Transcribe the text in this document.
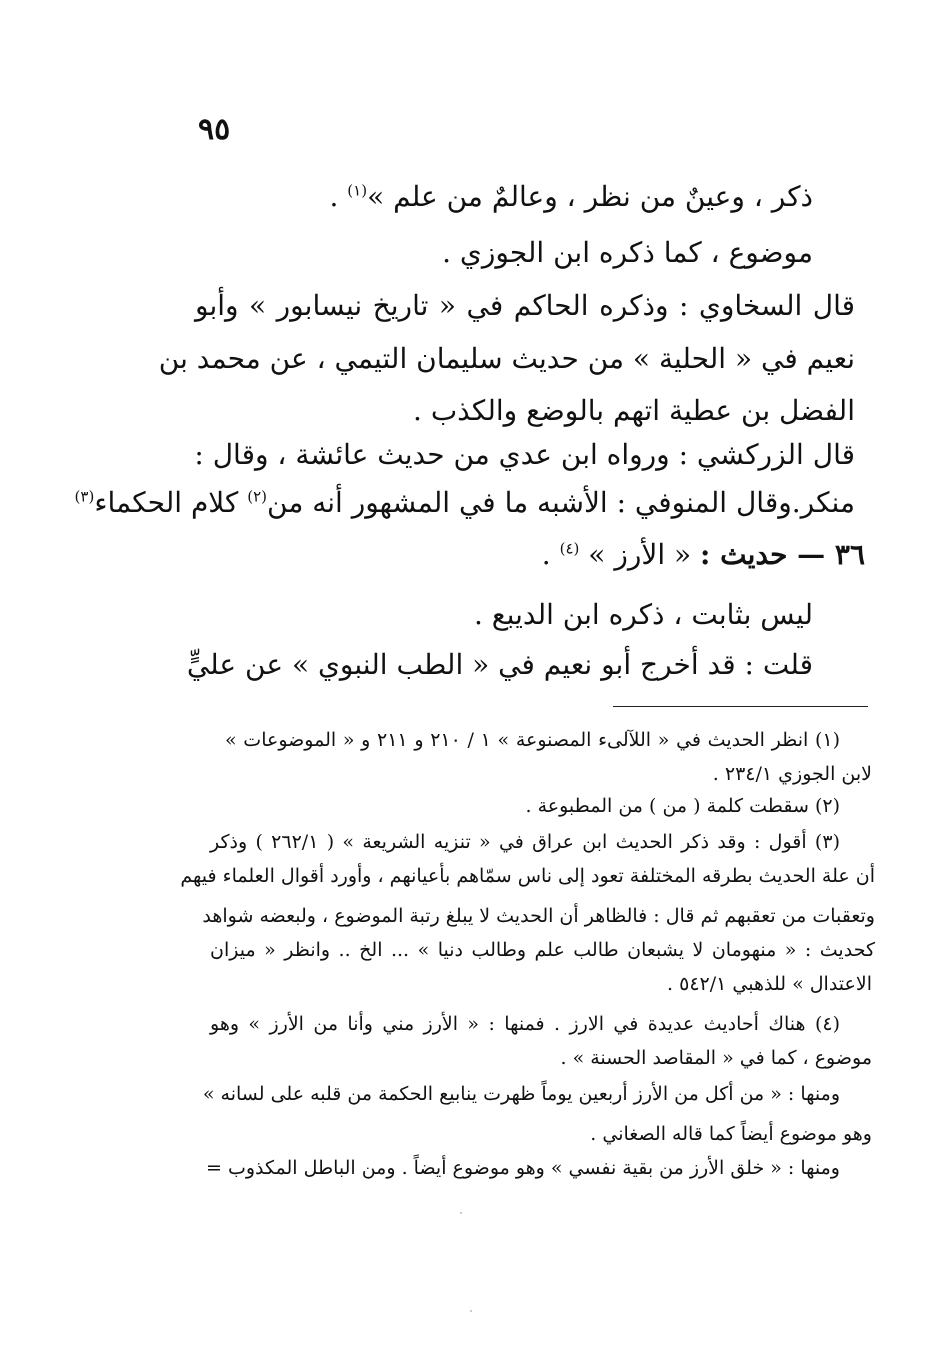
٩٥
ذكر ، وعينٌ من نظر ، وعالمٌ من علم »$^{(١)}$ .
موضوع ، كما ذكره ابن الجوزي .
قال السخاوي : وذكره الحاكم في « تاريخ نيسابور » وأبو
نعيم في « الحلية » من حديث سليمان التيمي ، عن محمد بن
الفضل بن عطية اتهم بالوضع والكذب .
قال الزركشي : ورواه ابن عدي من حديث عائشة ، وقال :
منكر.وقال المنوفي : الأشبه ما في المشهور أنه من$^{(٢)}$ كلام الحكماء$^{(٣)}$
٣٦ — حديث : « الأرز » $^{(٤)}$ .
ليس بثابت ، ذكره ابن الديبع .
قلت : قد أخرج أبو نعيم في « الطب النبوي » عن عليٍّ
(١) انظر الحديث في « اللآلىء المصنوعة » ١ / ٢١٠ و ٢١١ و « الموضوعات »
لابن الجوزي ٢٣٤/١ .
(٢) سقطت كلمة ( من ) من المطبوعة .
(٣) أقول : وقد ذكر الحديث ابن عراق في « تنزيه الشريعة » ( ٢٦٢/١ ) وذكر
أن علة الحديث بطرقه المختلفة تعود إلى ناس سمّاهم بأعيانهم ، وأورد أقوال العلماء فيهم
وتعقبات من تعقبهم ثم قال : فالظاهر أن الحديث لا يبلغ رتبة الموضوع ، ولبعضه شواهد
كحديث : « منهومان لا يشبعان طالب علم وطالب دنيا » ... الخ .. وانظر « ميزان
الاعتدال » للذهبي ٥٤٢/١ .
(٤) هناك أحاديث عديدة في الارز . فمنها : « الأرز مني وأنا من الأرز » وهو
موضوع ، كما في « المقاصد الحسنة » .
ومنها : « من أكل من الأرز أربعين يوماً ظهرت ينابيع الحكمة من قلبه على لسانه »
وهو موضوع أيضاً كما قاله الصغاني .
ومنها : « خلق الأرز من بقية نفسي » وهو موضوع أيضاً . ومن الباطل المكذوب =
